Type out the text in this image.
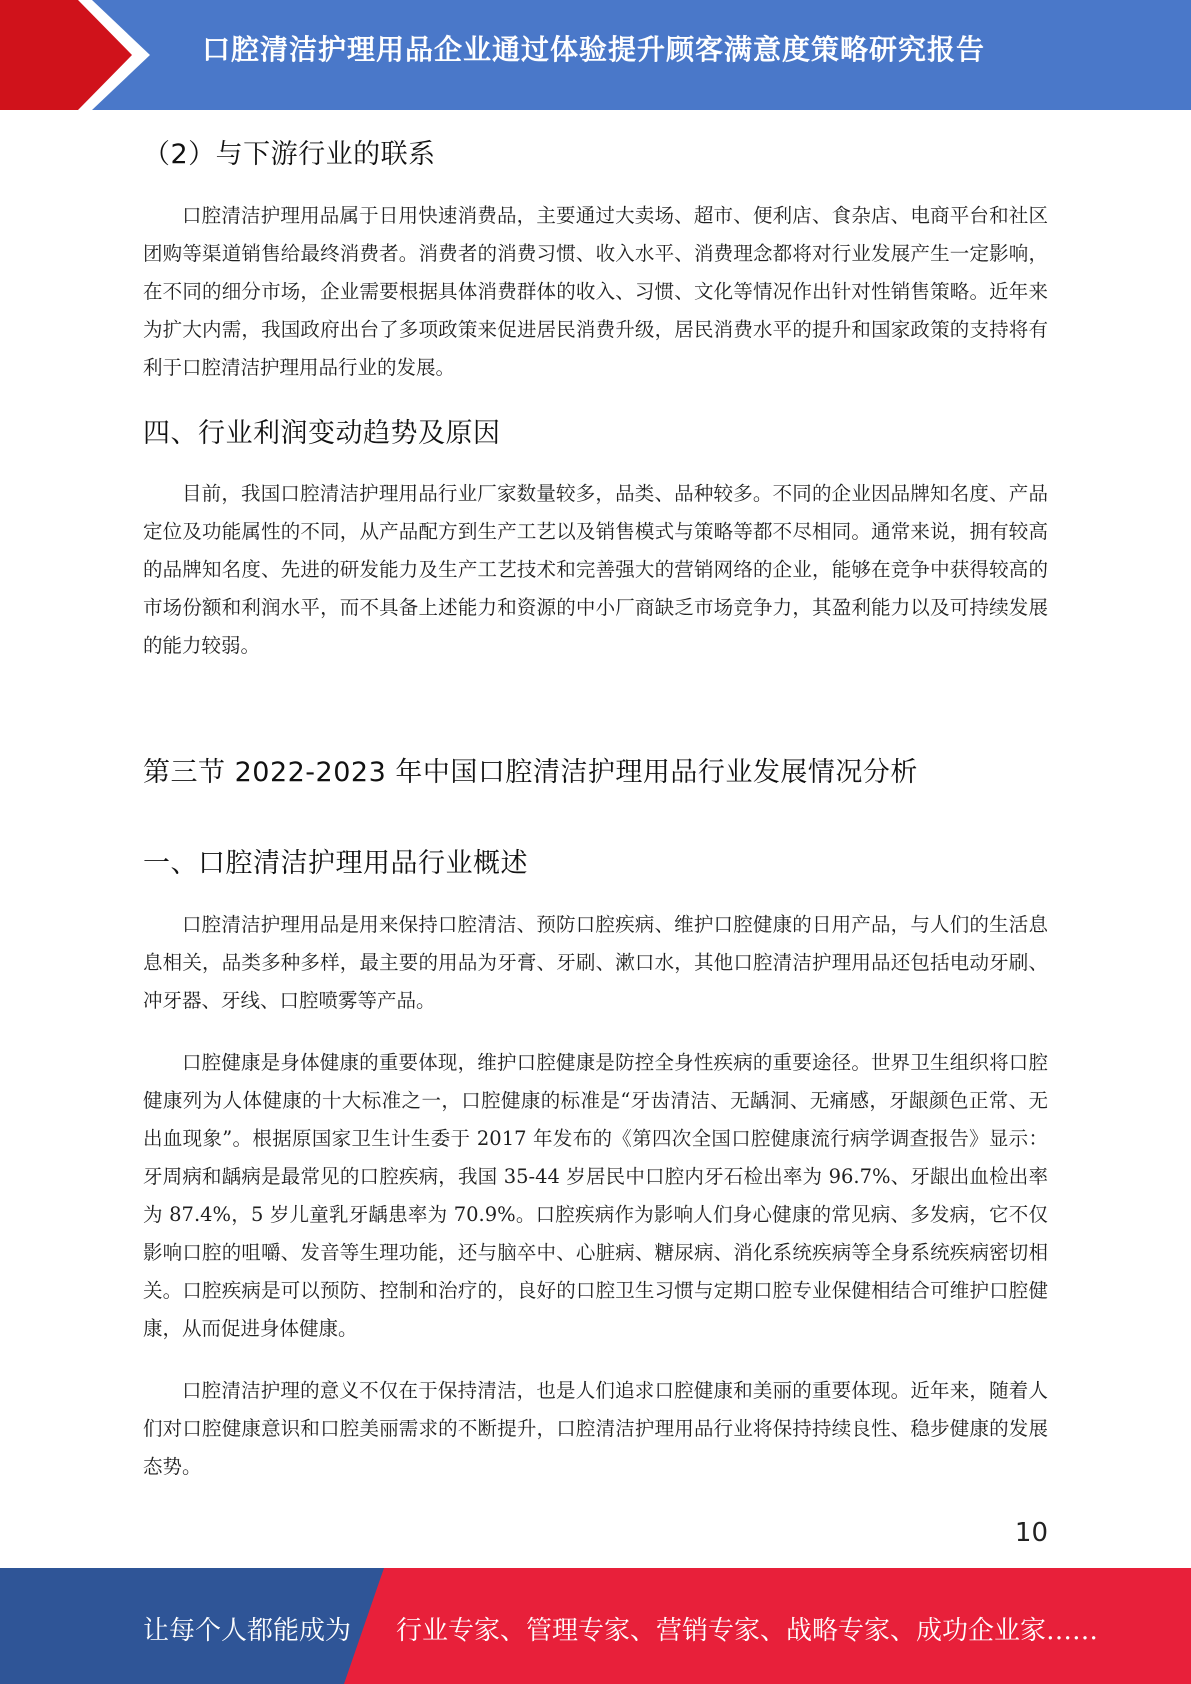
口腔清洁护理用品企业通过体验提升顾客满意度策略研究报告
（2）与下游行业的联系

口腔清洁护理用品属于日用快速消费品，主要通过大卖场、超市、便利店、食杂店、电商平台和社区团购等渠道销售给最终消费者。消费者的消费习惯、收入水平、消费理念都将对行业发展产生一定影响，在不同的细分市场，企业需要根据具体消费群体的收入、习惯、文化等情况作出针对性销售策略。近年来为扩大内需，我国政府出台了多项政策来促进居民消费升级，居民消费水平的提升和国家政策的支持将有利于口腔清洁护理用品行业的发展。

四、行业利润变动趋势及原因

目前，我国口腔清洁护理用品行业厂家数量较多，品类、品种较多。不同的企业因品牌知名度、产品定位及功能属性的不同，从产品配方到生产工艺以及销售模式与策略等都不尽相同。通常来说，拥有较高的品牌知名度、先进的研发能力及生产工艺技术和完善强大的营销网络的企业，能够在竞争中获得较高的市场份额和利润水平，而不具备上述能力和资源的中小厂商缺乏市场竞争力，其盈利能力以及可持续发展的能力较弱。

第三节 2022-2023 年中国口腔清洁护理用品行业发展情况分析
一、口腔清洁护理用品行业概述

口腔清洁护理用品是用来保持口腔清洁、预防口腔疾病、维护口腔健康的日用产品，与人们的生活息息相关，品类多种多样，最主要的用品为牙膏、牙刷、漱口水，其他口腔清洁护理用品还包括电动牙刷、冲牙器、牙线、口腔喷雾等产品。

口腔健康是身体健康的重要体现，维护口腔健康是防控全身性疾病的重要途径。世界卫生组织将口腔健康列为人体健康的十大标准之一，口腔健康的标准是“牙齿清洁、无龋洞、无痛感，牙龈颜色正常、无出血现象”。根据原国家卫生计生委于 2017 年发布的《第四次全国口腔健康流行病学调查报告》显示：牙周病和龋病是最常见的口腔疾病，我国 35-44 岁居民中口腔内牙石检出率为 96.7%、牙龈出血检出率为 87.4%，5 岁儿童乳牙龋患率为 70.9%。口腔疾病作为影响人们身心健康的常见病、多发病，它不仅影响口腔的咀嚼、发音等生理功能，还与脑卒中、心脏病、糖尿病、消化系统疾病等全身系统疾病密切相关。口腔疾病是可以预防、控制和治疗的，良好的口腔卫生习惯与定期口腔专业保健相结合可维护口腔健康，从而促进身体健康。

口腔清洁护理的意义不仅在于保持清洁，也是人们追求口腔健康和美丽的重要体现。近年来，随着人们对口腔健康意识和口腔美丽需求的不断提升，口腔清洁护理用品行业将保持持续良性、稳步健康的发展态势。

10
让每个人都能成为 行业专家、管理专家、营销专家、战略专家、成功企业家……
